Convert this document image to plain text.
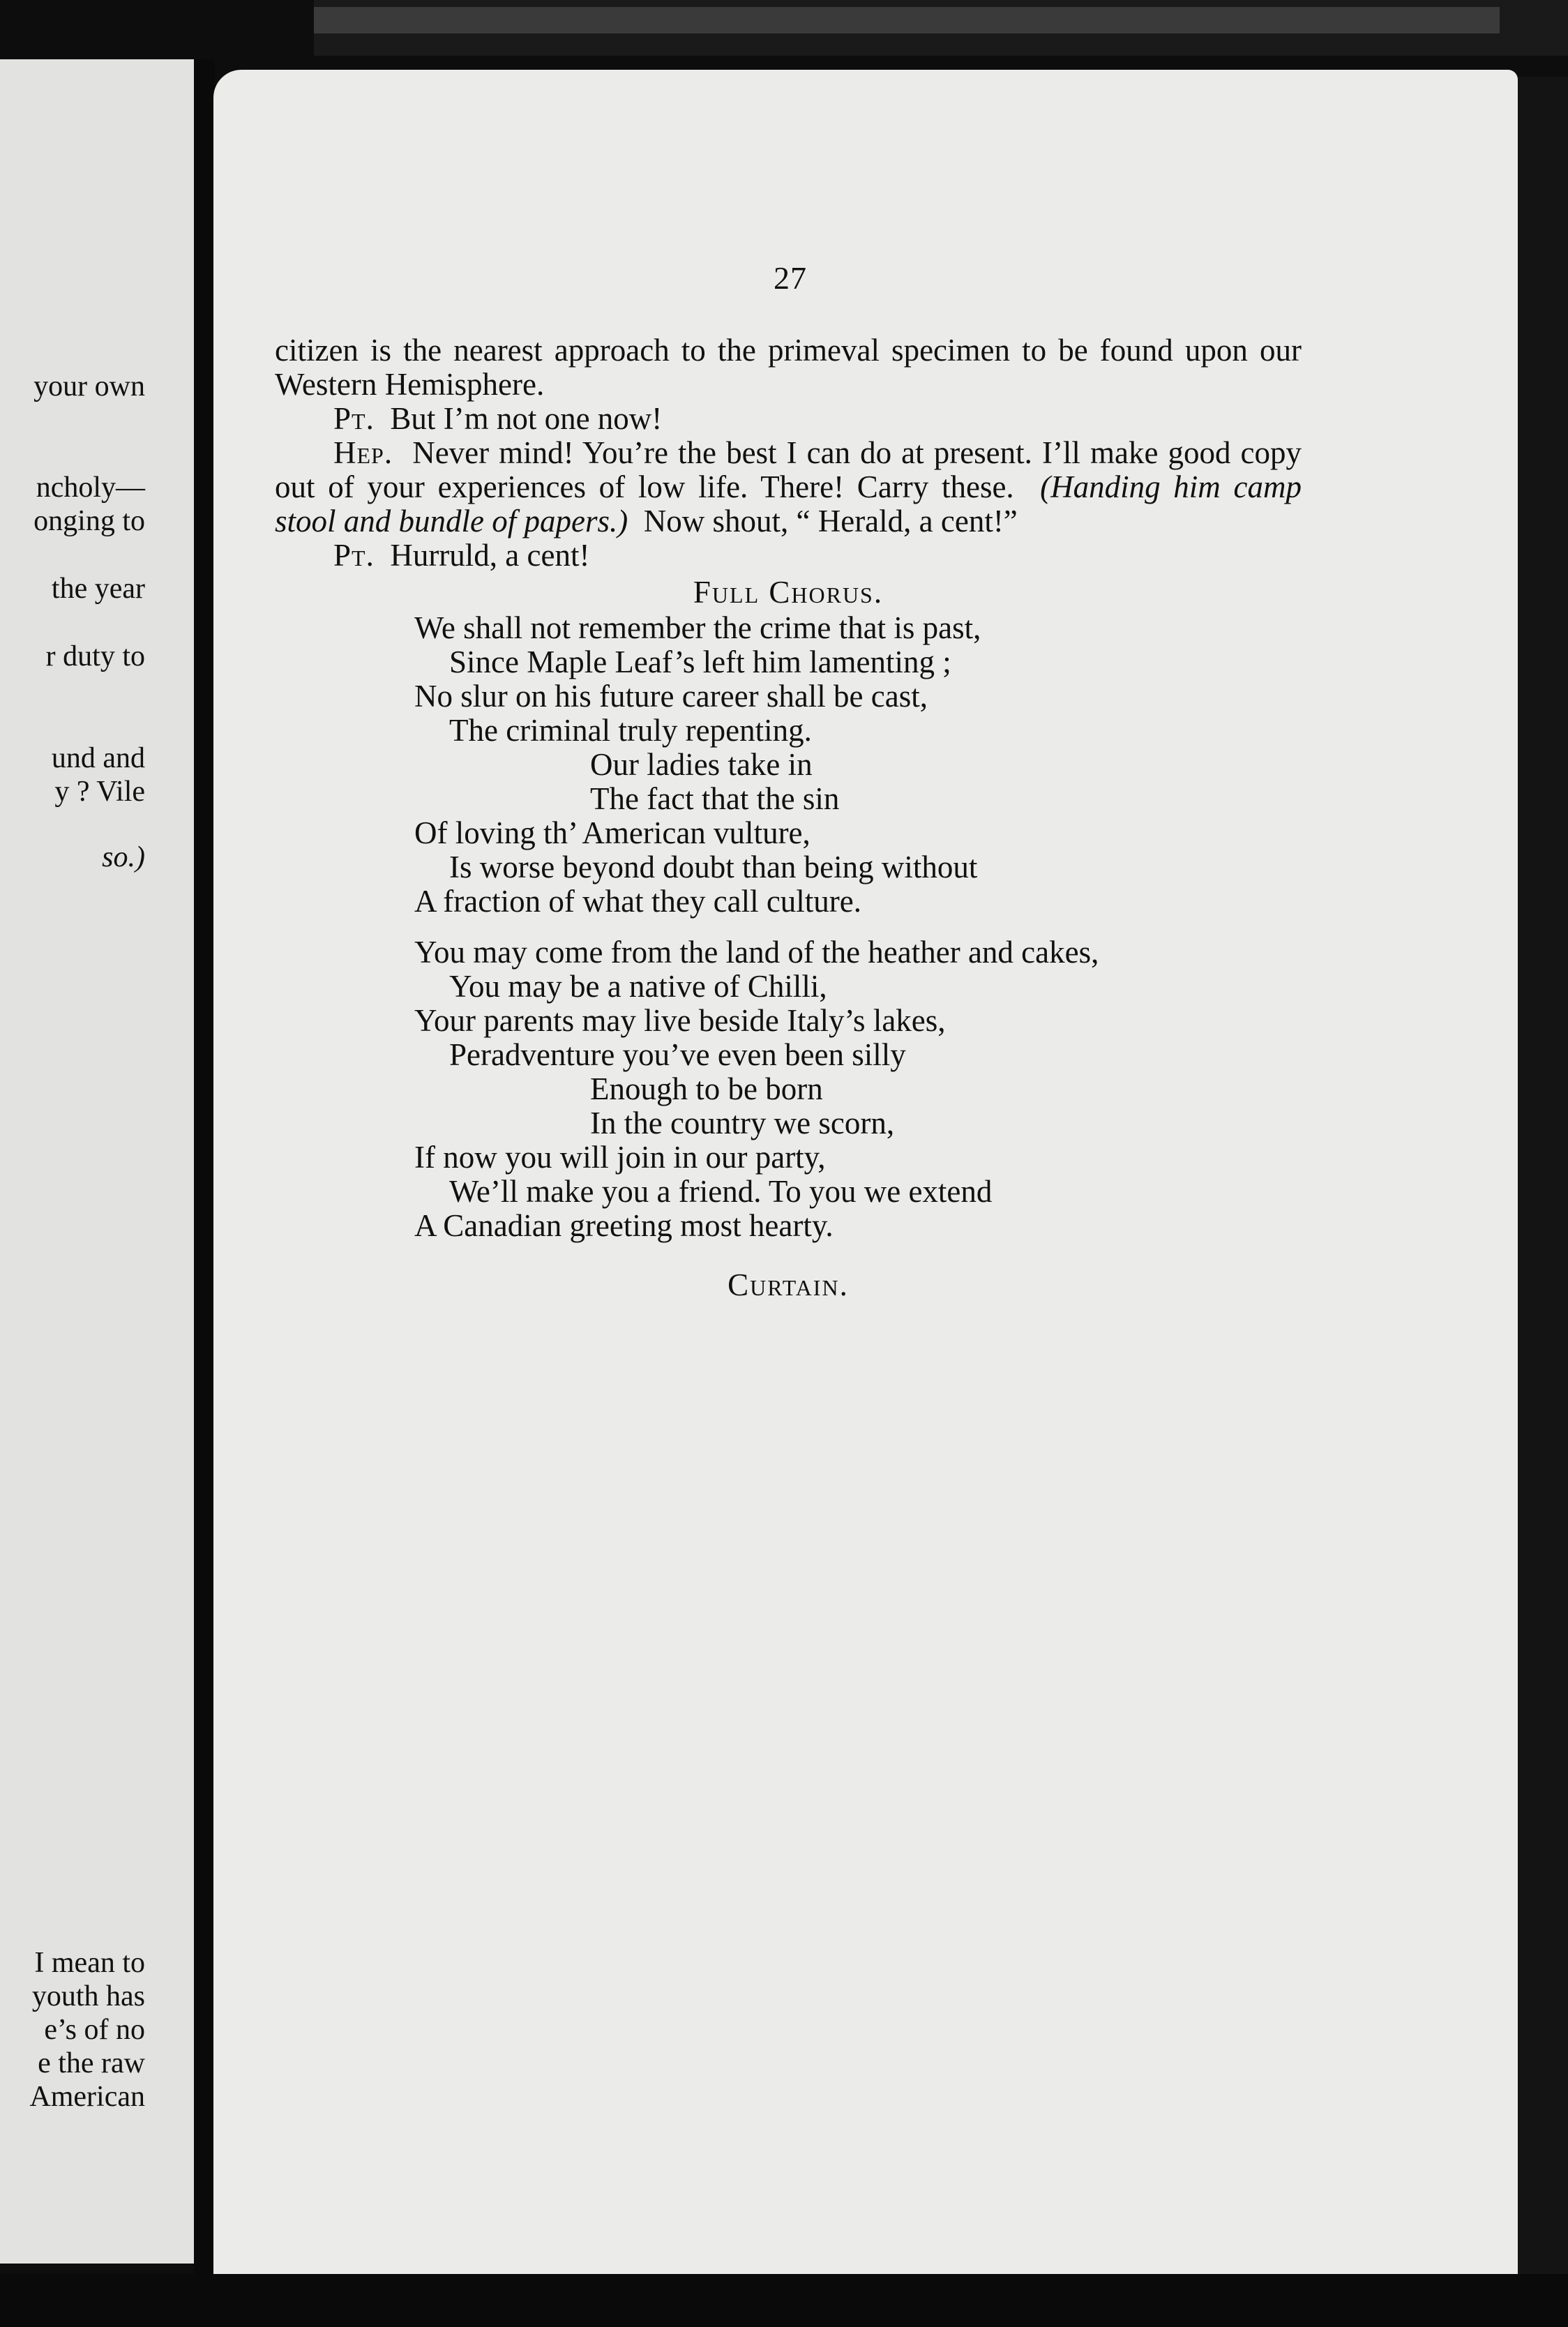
your own
ncholy—
onging to
the year
r duty to
und and
y ? Vile
so.)
I mean to
youth has
e’s of no
e the raw
American
27

citizen is the nearest approach to the primeval specimen to be found upon our Western Hemisphere.

Pt. But I’m not one now!

Hep. Never mind! You’re the best I can do at present. I’ll make good copy out of your experiences of low life. There! Carry these. (Handing him camp stool and bundle of papers.) Now shout, “ Herald, a cent!”

Pt. Hurruld, a cent!

Full Chorus.
We shall not remember the crime that is past,
Since Maple Leaf’s left him lamenting ;
No slur on his future career shall be cast,
The criminal truly repenting.
Our ladies take in
The fact that the sin
Of loving th’ American vulture,
Is worse beyond doubt than being without
A fraction of what they call culture.
You may come from the land of the heather and cakes,
You may be a native of Chilli,
Your parents may live beside Italy’s lakes,
Peradventure you’ve even been silly
Enough to be born
In the country we scorn,
If now you will join in our party,
We’ll make you a friend. To you we extend
A Canadian greeting most hearty.
Curtain.
